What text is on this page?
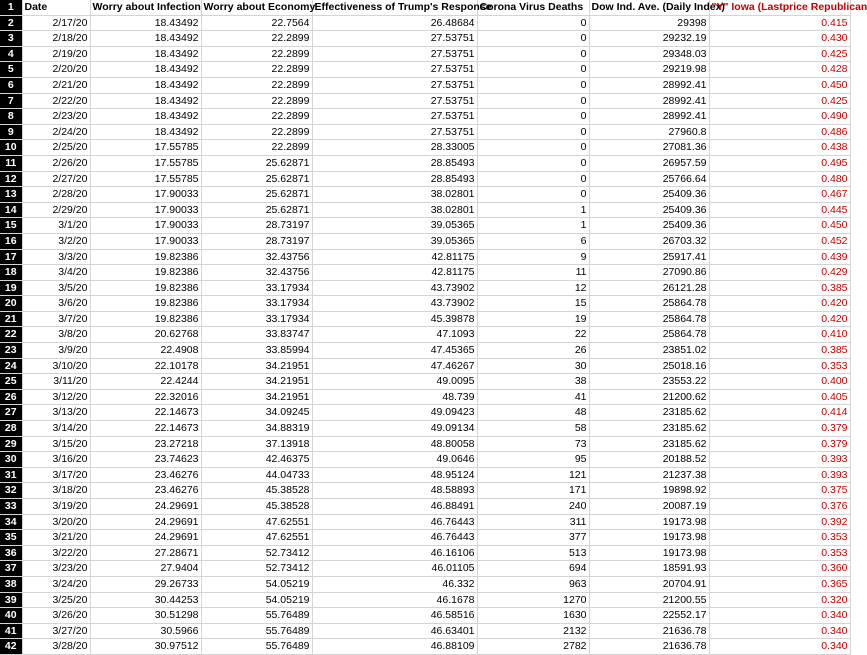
1	Date	Worry about Infection	Worry about Economy	Effectiveness of Trump's Response	Corona Virus Deaths	Dow Ind. Ave. (Daily Index)	"Y" Iowa (Lastprice Republican
2	2/17/20	18.43492	22.7564	26.48684	0	29398	0.415
3	2/18/20	18.43492	22.2899	27.53751	0	29232.19	0.430
4	2/19/20	18.43492	22.2899	27.53751	0	29348.03	0.425
5	2/20/20	18.43492	22.2899	27.53751	0	29219.98	0.428
6	2/21/20	18.43492	22.2899	27.53751	0	28992.41	0.450
7	2/22/20	18.43492	22.2899	27.53751	0	28992.41	0.425
8	2/23/20	18.43492	22.2899	27.53751	0	28992.41	0.490
9	2/24/20	18.43492	22.2899	27.53751	0	27960.8	0.486
10	2/25/20	17.55785	22.2899	28.33005	0	27081.36	0.438
11	2/26/20	17.55785	25.62871	28.85493	0	26957.59	0.495
12	2/27/20	17.55785	25.62871	28.85493	0	25766.64	0.480
13	2/28/20	17.90033	25.62871	38.02801	0	25409.36	0.467
14	2/29/20	17.90033	25.62871	38.02801	1	25409.36	0.445
15	3/1/20	17.90033	28.73197	39.05365	1	25409.36	0.450
16	3/2/20	17.90033	28.73197	39.05365	6	26703.32	0.452
17	3/3/20	19.82386	32.43756	42.81175	9	25917.41	0.439
18	3/4/20	19.82386	32.43756	42.81175	11	27090.86	0.429
19	3/5/20	19.82386	33.17934	43.73902	12	26121.28	0.385
20	3/6/20	19.82386	33.17934	43.73902	15	25864.78	0.420
21	3/7/20	19.82386	33.17934	45.39878	19	25864.78	0.420
22	3/8/20	20.62768	33.83747	47.1093	22	25864.78	0.410
23	3/9/20	22.4908	33.85994	47.45365	26	23851.02	0.385
24	3/10/20	22.10178	34.21951	47.46267	30	25018.16	0.353
25	3/11/20	22.4244	34.21951	49.0095	38	23553.22	0.400
26	3/12/20	22.32016	34.21951	48.739	41	21200.62	0.405
27	3/13/20	22.14673	34.09245	49.09423	48	23185.62	0.414
28	3/14/20	22.14673	34.88319	49.09134	58	23185.62	0.379
29	3/15/20	23.27218	37.13918	48.80058	73	23185.62	0.379
30	3/16/20	23.74623	42.46375	49.0646	95	20188.52	0.393
31	3/17/20	23.46276	44.04733	48.95124	121	21237.38	0.393
32	3/18/20	23.46276	45.38528	48.58893	171	19898.92	0.375
33	3/19/20	24.29691	45.38528	46.88491	240	20087.19	0.376
34	3/20/20	24.29691	47.62551	46.76443	311	19173.98	0.392
35	3/21/20	24.29691	47.62551	46.76443	377	19173.98	0.353
36	3/22/20	27.28671	52.73412	46.16106	513	19173.98	0.353
37	3/23/20	27.9404	52.73412	46.01105	694	18591.93	0.360
38	3/24/20	29.26733	54.05219	46.332	963	20704.91	0.365
39	3/25/20	30.44253	54.05219	46.1678	1270	21200.55	0.320
40	3/26/20	30.51298	55.76489	46.58516	1630	22552.17	0.340
41	3/27/20	30.5966	55.76489	46.63401	2132	21636.78	0.340
42	3/28/20	30.97512	55.76489	46.88109	2782	21636.78	0.340
